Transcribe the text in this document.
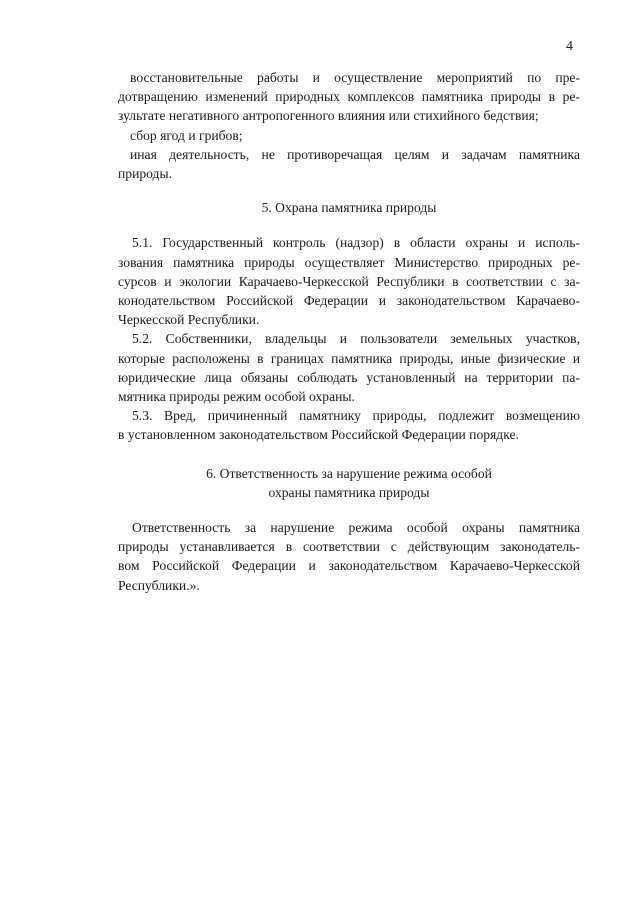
4
восстановительные работы и осуществление мероприятий по пре-
дотвращению изменений природных комплексов памятника природы в ре-
зультате негативного антропогенного влияния или стихийного бедствия;
сбор ягод и грибов;
иная деятельность, не противоречащая целям и задачам памятника
природы.
5. Охрана памятника природы
5.1. Государственный контроль (надзор) в области охраны и исполь-
зования памятника природы осуществляет Министерство природных ре-
сурсов и экологии Карачаево-Черкесской Республики в соответствии с за-
конодательством Российской Федерации и законодательством Карачаево-
Черкесской Республики.
5.2. Собственники, владельцы и пользователи земельных участков,
которые расположены в границах памятника природы, иные физические и
юридические лица обязаны соблюдать установленный на территории па-
мятника природы режим особой охраны.
5.3. Вред, причиненный памятнику природы, подлежит возмещению
в установленном законодательством Российской Федерации порядке.
6. Ответственность за нарушение режима особой
охраны памятника природы
Ответственность за нарушение режима особой охраны памятника
природы устанавливается в соответствии с действующим законодатель-
вом Российской Федерации и законодательством Карачаево-Черкесской
Республики.».
